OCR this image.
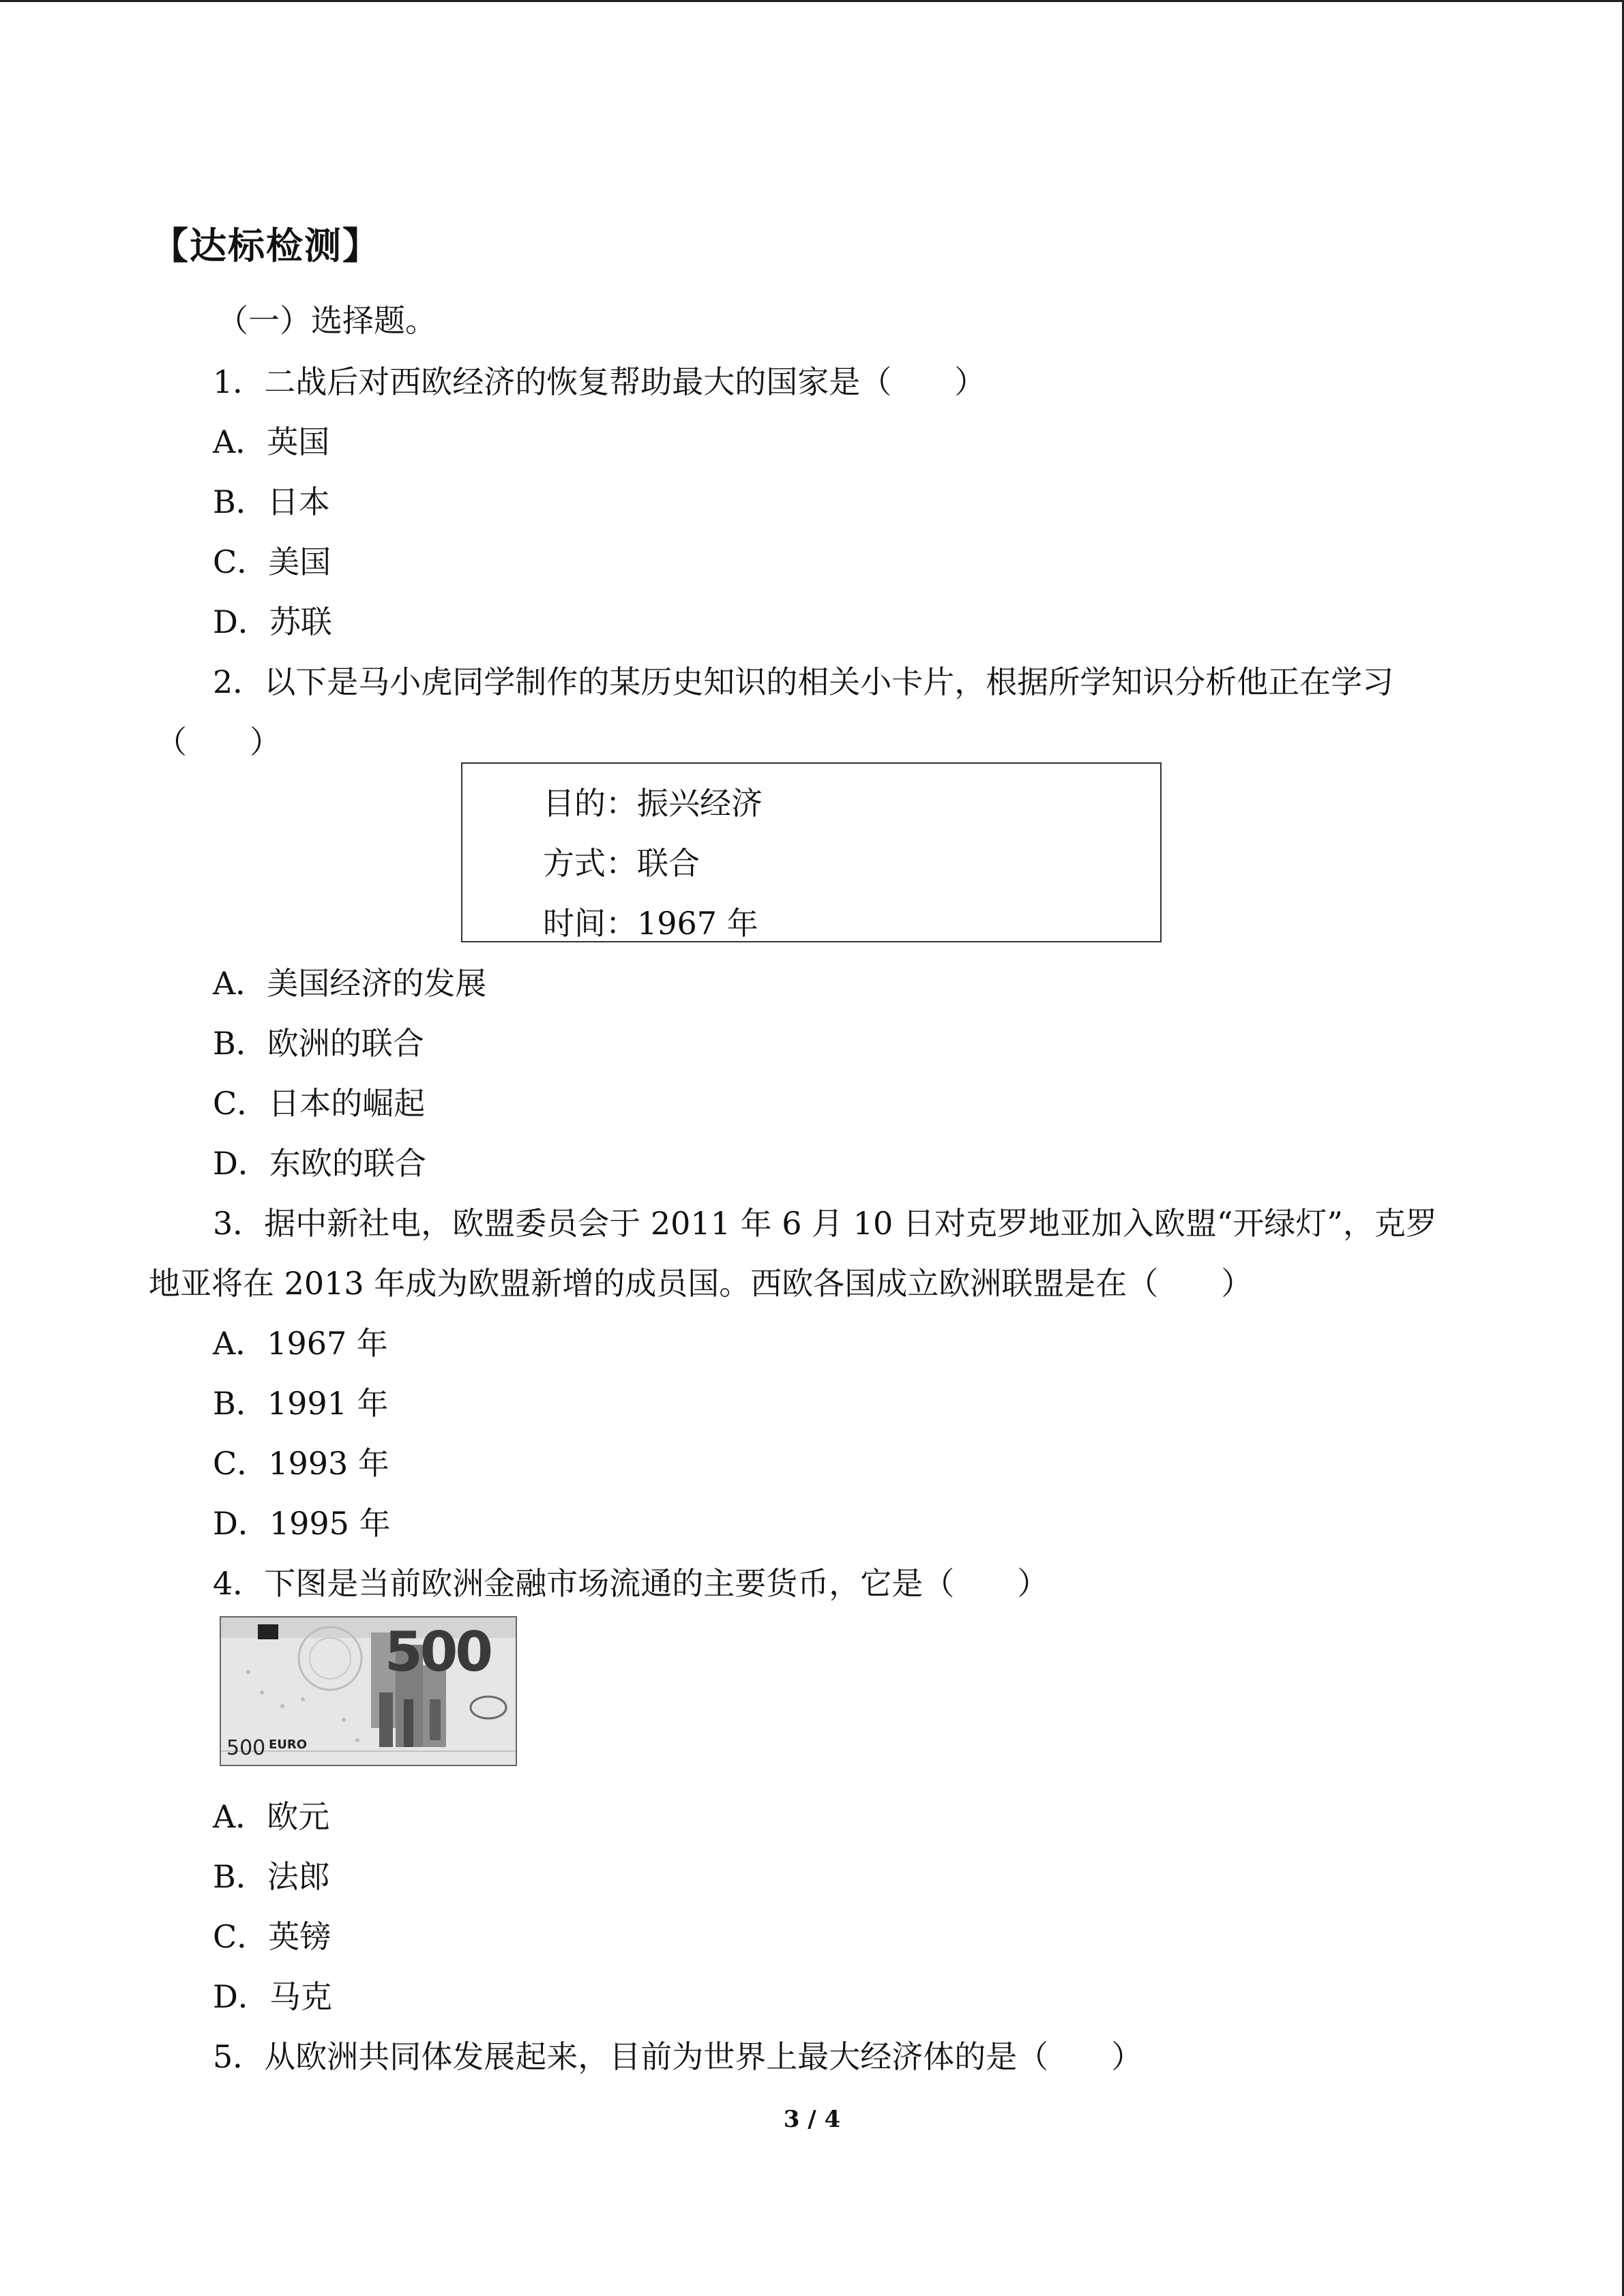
【达标检测】
（一）选择题。
1．二战后对西欧经济的恢复帮助最大的国家是（　　）
A．英国
B．日本
C．美国
D．苏联
2．以下是马小虎同学制作的某历史知识的相关小卡片，根据所学知识分析他正在学习
（　　）
目的：振兴经济
方式：联合
时间：1967 年
A．美国经济的发展
B．欧洲的联合
C．日本的崛起
D．东欧的联合
3．据中新社电，欧盟委员会于 2011 年 6 月 10 日对克罗地亚加入欧盟“开绿灯”，克罗
地亚将在 2013 年成为欧盟新增的成员国。西欧各国成立欧洲联盟是在（　　）
A．1967 年
B．1991 年
C．1993 年
D．1995 年
4．下图是当前欧洲金融市场流通的主要货币，它是（　　）
500
500 EURO
A．欧元
B．法郎
C．英镑
D．马克
5．从欧洲共同体发展起来，目前为世界上最大经济体的是（　　）
3 / 4
